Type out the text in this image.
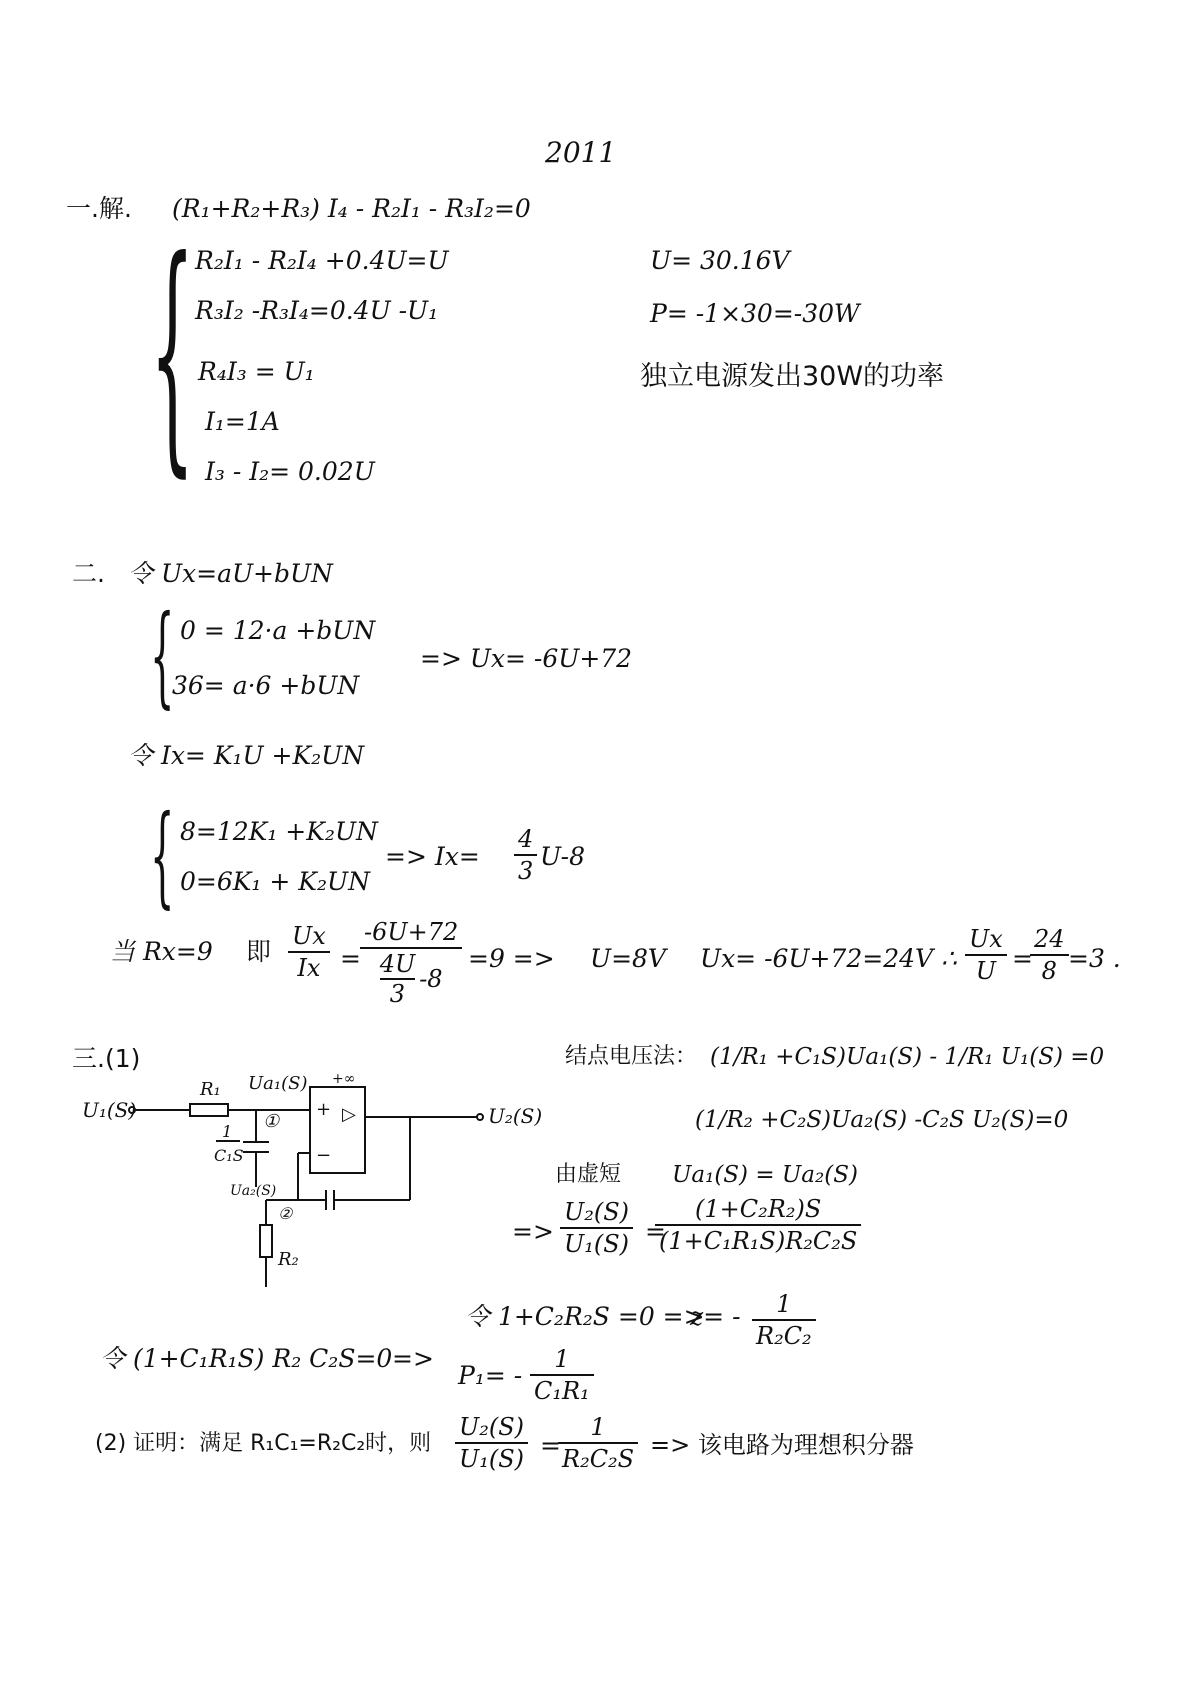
2011
一.解. (R₁+R₂+R₃) I₄ - R₂I₁ - R₃I₂=0
{ R₂I₁ - R₂I₄ +0.4U=U
R₃I₂ -R₃I₄=0.4U -U₁
R₄I₃ = U₁
I₁=1A
I₃ - I₂= 0.02U
U= 30.16V
P= -1×30=-30W
独立电源发出30W的功率
二. 令 Ux=aU+bUN
{ 0 = 12·a +bUN
36= a·6 +bUN
=> Ux= -6U+72
令 Ix= K₁U +K₂UN
{ 8=12K₁ +K₂UN
0=6K₁ + K₂UN
=> Ix=
4
3 U-8
当 Rx=9 即
Ux
Ix =
-6U+72
4U
3
-8
=9 => U=8V Ux= -6U+72=24V ∴
Ux
U =
24
8 =3 .
三.(1)
U₁(S)
R₁ Ua₁(S)
①
1
C₁S
+∞
+
−
▷	U₂(S)
Ua₂(S)
②
R₂
结点电压法： (1/R₁ +C₁S)Ua₁(S) - 1/R₁ U₁(S) =0
(1/R₂ +C₂S)Ua₂(S) -C₂S U₂(S)=0
由虚短 Ua₁(S) = Ua₂(S)
=>
U₂(S)
U₁(S) =
(1+C₂R₂)S
(1+C₁R₁S)R₂C₂S
令 1+C₂R₂S =0 =>
z= -	1
R₂C₂
令 (1+C₁R₁S) R₂ C₂S=0 =>
P₁= -
1
C₁R₁
(2) 证明：满足 R₁C₁=R₂C₂时，则
U₂(S)
U₁(S) =
1
R₂C₂S => 该电路为理想积分器
